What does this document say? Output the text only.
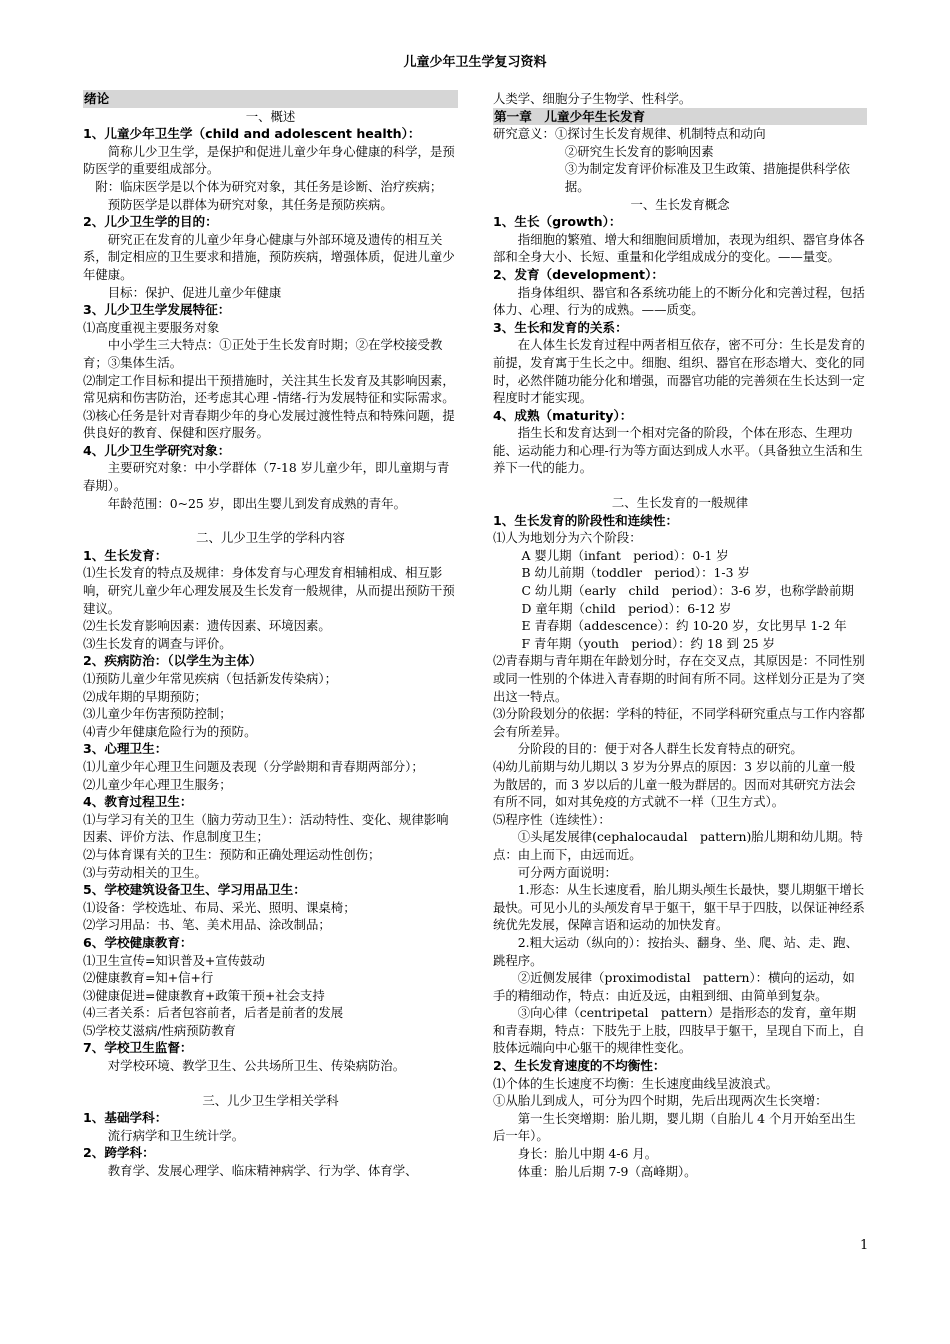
儿童少年卫生学复习资料

绪论

一、概述

1、儿童少年卫生学（child and adolescent health）：

简称儿少卫生学，是保护和促进儿童少年身心健康的科学，是预防医学的重要组成部分。

　附：临床医学是以个体为研究对象，其任务是诊断、治疗疾病；

预防医学是以群体为研究对象，其任务是预防疾病。

2、儿少卫生学的目的：

研究正在发育的儿童少年身心健康与外部环境及遗传的相互关系，制定相应的卫生要求和措施，预防疾病，增强体质，促进儿童少年健康。

目标：保护、促进儿童少年健康

3、儿少卫生学发展特征：

⑴高度重视主要服务对象

中小学生三大特点：①正处于生长发育时期；②在学校接受教育；③集体生活。

⑵制定工作目标和提出干预措施时，关注其生长发育及其影响因素，常见病和伤害防治，还考虑其心理 -情绪-行为发展特征和实际需求。

⑶核心任务是针对青春期少年的身心发展过渡性特点和特殊问题，提供良好的教育、保健和医疗服务。

4、儿少卫生学研究对象：

主要研究对象：中小学群体（7-18 岁儿童少年，即儿童期与青春期）。

年龄范围：0~25 岁，即出生婴儿到发育成熟的青年。

二、儿少卫生学的学科内容

1、生长发育：

⑴生长发育的特点及规律：身体发育与心理发育相辅相成、相互影响，研究儿童少年心理发展及生长发育一般规律，从而提出预防干预建议。

⑵生长发育影响因素：遗传因素、环境因素。

⑶生长发育的调查与评价。

2、疾病防治：（以学生为主体）

⑴预防儿童少年常见疾病（包括新发传染病）；

⑵成年期的早期预防；

⑶儿童少年伤害预防控制；

⑷青少年健康危险行为的预防。

3、心理卫生：

⑴儿童少年心理卫生问题及表现（分学龄期和青春期两部分）；

⑵儿童少年心理卫生服务；

4、教育过程卫生：

⑴与学习有关的卫生（脑力劳动卫生）：活动特性、变化、规律影响因素、评价方法、作息制度卫生；

⑵与体育课有关的卫生：预防和正确处理运动性创伤；

⑶与劳动相关的卫生。

5、学校建筑设备卫生、学习用品卫生：

⑴设备：学校选址、布局、采光、照明、课桌椅；

⑵学习用品：书、笔、美术用品、涂改制品；

6、学校健康教育：

⑴卫生宣传=知识普及+宣传鼓动

⑵健康教育=知+信+行

⑶健康促进=健康教育+政策干预+社会支持

⑷三者关系：后者包容前者，后者是前者的发展

⑸学校艾滋病/性病预防教育

7、学校卫生监督：

对学校环境、教学卫生、公共场所卫生、传染病防治。

三、儿少卫生学相关学科

1、基础学科：

流行病学和卫生统计学。

2、跨学科：

教育学、发展心理学、临床精神病学、行为学、体育学、

人类学、细胞分子生物学、性科学。

第一章　儿童少年生长发育

研究意义：①探讨生长发育规律、机制特点和动向

②研究生长发育的影响因素

③为制定发育评价标准及卫生政策、措施提供科学依据。

一、生长发育概念

1、生长（growth）：

指细胞的繁殖、增大和细胞间质增加，表现为组织、器官身体各部和全身大小、长短、重量和化学组成成分的变化。——量变。

2、发育（development）：

指身体组织、器官和各系统功能上的不断分化和完善过程，包括体力、心理、行为的成熟。——质变。

3、生长和发育的关系：

在人体生长发育过程中两者相互依存，密不可分：生长是发育的前提，发育寓于生长之中。细胞、组织、器官在形态增大、变化的同时，必然伴随功能分化和增强，而器官功能的完善须在生长达到一定程度时才能实现。

4、成熟（maturity）：

指生长和发育达到一个相对完备的阶段，个体在形态、生理功能、运动能力和心理-行为等方面达到成人水平。（具备独立生活和生养下一代的能力。

二、生长发育的一般规律

1、生长发育的阶段性和连续性：

⑴人为地划分为六个阶段：

A 婴儿期（infant　period）：0-1 岁

B 幼儿前期（toddler　period）：1-3 岁

C 幼儿期（early　child　period）：3-6 岁，也称学龄前期

D 童年期（child　period）：6-12 岁

E 青春期（addescence）：约 10-20 岁，女比男早 1-2 年

F 青年期（youth　period）：约 18 到 25 岁

⑵青春期与青年期在年龄划分时，存在交叉点，其原因是：不同性别或同一性别的个体进入青春期的时间有所不同。这样划分正是为了突出这一特点。

⑶分阶段划分的依据：学科的特征，不同学科研究重点与工作内容都会有所差异。

分阶段的目的：便于对各人群生长发育特点的研究。

⑷幼儿前期与幼儿期以 3 岁为分界点的原因：3 岁以前的儿童一般为散居的，而 3 岁以后的儿童一般为群居的。因而对其研究方法会有所不同，如对其免疫的方式就不一样（卫生方式）。

⑸程序性（连续性）：

①头尾发展律(cephalocaudal　pattern)胎儿期和幼儿期。特点：由上而下，由远而近。

可分两方面说明：

1.形态：从生长速度看，胎儿期头颅生长最快，婴儿期躯干增长最快。可见小儿的头颅发育早于躯干，躯干早于四肢，以保证神经系统优先发展，保障言语和运动的加快发育。

2.粗大运动（纵向的）：按抬头、翻身、坐、爬、站、走、跑、跳程序。

②近侧发展律（proximodistal　pattern）：横向的运动，如手的精细动作，特点：由近及远，由粗到细、由简单到复杂。

③向心律（centripetal　pattern）是指形态的发育，童年期和青春期，特点：下肢先于上肢，四肢早于躯干，呈现自下而上，自肢体远端向中心躯干的规律性变化。

2、生长发育速度的不均衡性：

⑴个体的生长速度不均衡：生长速度曲线呈波浪式。

①从胎儿到成人，可分为四个时期，先后出现两次生长突增：

第一生长突增期：胎儿期，婴儿期（自胎儿 4 个月开始至出生后一年）。

身长：胎儿中期 4-6 月。

体重：胎儿后期 7-9（高峰期）。

1
